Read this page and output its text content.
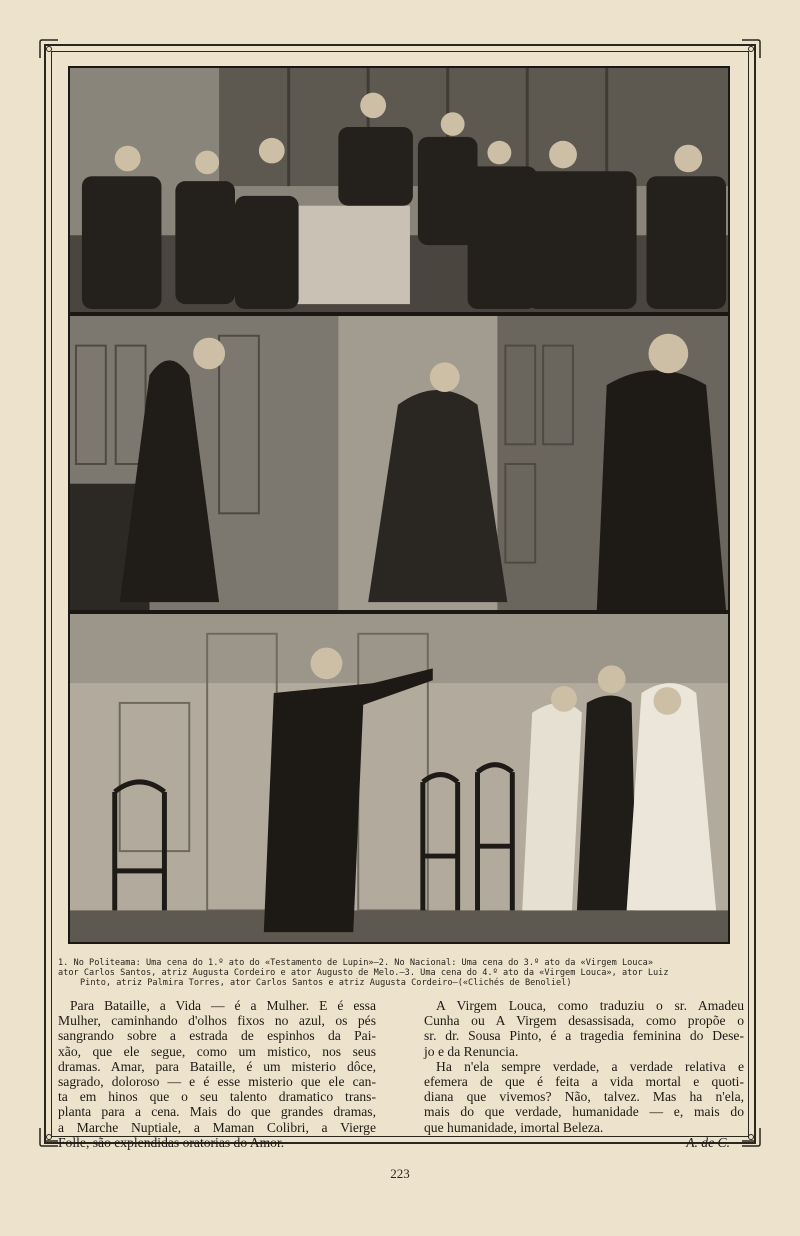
1. No Politeama: Uma cena do 1.º ato do «Testamento de Lupin»—2. No Nacional: Uma cena do 3.º ato da «Virgem Louca»
ator Carlos Santos, atriz Augusta Cordeiro e ator Augusto de Melo.—3. Uma cena do 4.º ato da «Virgem Louca», ator Luiz
Pinto, atriz Palmira Torres, ator Carlos Santos e atriz Augusta Cordeiro—(«Clichés de Benoliel)
Para Bataille, a Vida — é a Mulher. E é essa
Mulher, caminhando d'olhos fixos no azul, os pés
sangrando sobre a estrada de espinhos da Pai-
xão, que ele segue, como um mistico, nos seus
dramas. Amar, para Bataille, é um misterio dôce,
sagrado, doloroso — e é esse misterio que ele can-
ta em hinos que o seu talento dramatico trans-
planta para a cena. Mais do que grandes dramas,
a Marche Nuptiale, a Maman Colibri, a Vierge
Folle, são explendidas oratorias do Amor.
A Virgem Louca, como traduziu o sr. Amadeu
Cunha ou A Virgem desassisada, como propõe o
sr. dr. Sousa Pinto, é a tragedia feminina do Dese-
jo e da Renuncia.
Ha n'ela sempre verdade, a verdade relativa e
efemera de que é feita a vida mortal e quoti-
diana que vivemos? Não, talvez. Mas ha n'ela,
mais do que verdade, humanidade — e, mais do
que humanidade, imortal Beleza.
A. de C.
223
